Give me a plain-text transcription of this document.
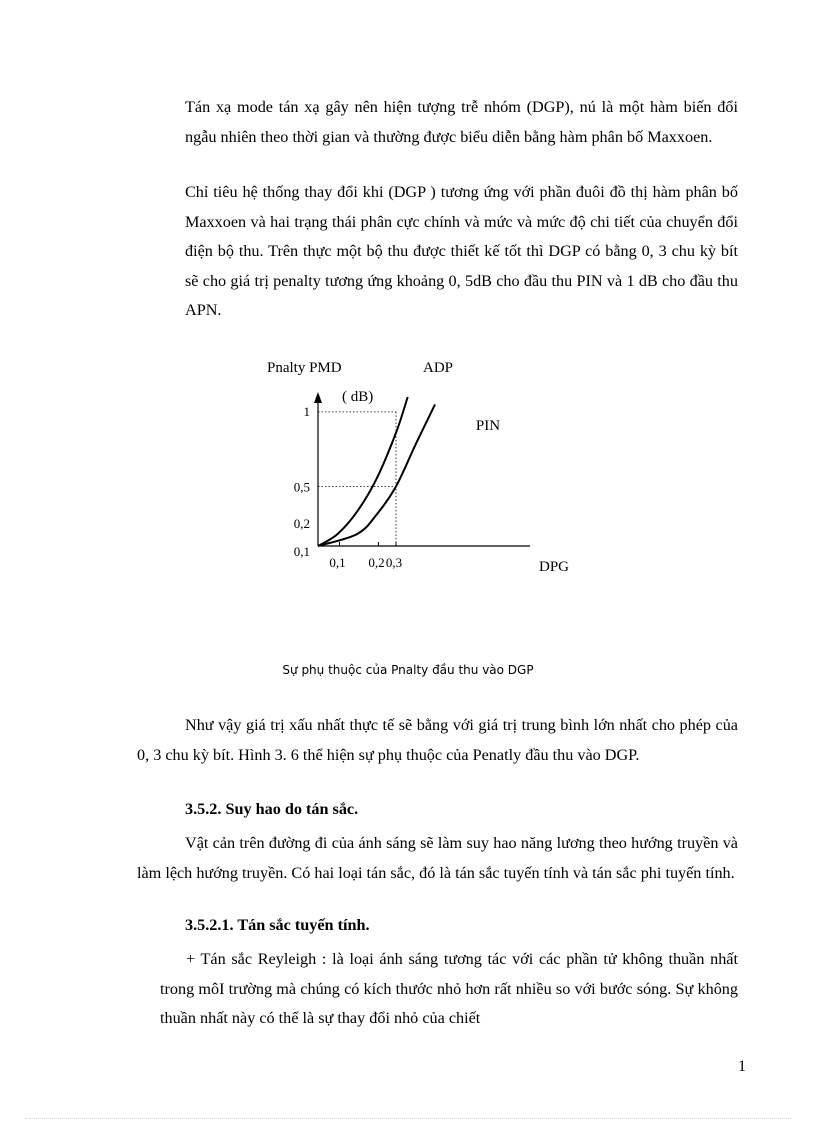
Tán xạ mode tán xạ gây nên hiện tượng trễ nhóm (DGP), nú là một hàm biến đổi ngẫu nhiên theo thời gian và thường được biểu diễn bằng hàm phân bố Maxxoen.
Chỉ tiêu hệ thống thay đổi khi (DGP ) tương ứng với phần đuôi đồ thị hàm phân bố Maxxoen và hai trạng thái phân cực chính và mức và mức độ chi tiết của chuyển đổi điện bộ thu. Trên thực một bộ thu được thiết kế tốt thì DGP có bằng 0, 3 chu kỳ bít sẽ cho giá trị penalty tương ứng khoảng 0, 5dB cho đầu thu PIN và 1 dB cho đầu thu APN.
Pnalty PMD
( dB)
DPG
0,1 0,2 0,3
1
0,5
0,2
0,1
ADP
PIN
Sự phụ thuộc của Pnalty đầu thu vào DGP
Như vậy giá trị xấu nhất thực tế sẽ bằng với giá trị trung bình lớn nhất cho phép của 0, 3 chu kỳ bít. Hình 3. 6 thể hiện sự phụ thuộc của Penatly đầu thu vào DGP.
3.5.2. Suy hao do tán sắc.
Vật cản trên đường đi của ánh sáng sẽ làm suy hao năng lương theo hướng truyền và làm lệch hướng truyền. Có hai loại tán sắc, đó là tán sắc tuyến tính và tán sắc phi tuyến tính.
3.5.2.1. Tán sắc tuyến tính.
+ Tán sắc Reyleigh : là loại ánh sáng tương tác với các phần tử không thuần nhất trong môI trường mà chúng có kích thước nhỏ hơn rất nhiều so với bước sóng. Sự không thuần nhất này có thể là sự thay đổi nhỏ của chiết
1
